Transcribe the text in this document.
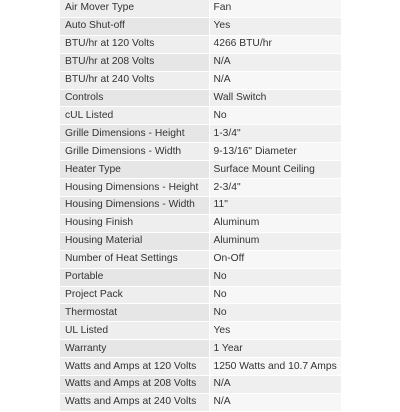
Air Mover Type	Fan
Auto Shut-off	Yes
BTU/hr at 120 Volts	4266 BTU/hr
BTU/hr at 208 Volts	N/A
BTU/hr at 240 Volts	N/A
Controls	Wall Switch
cUL Listed	No
Grille Dimensions - Height	1-3/4"
Grille Dimensions - Width	9-13/16" Diameter
Heater Type	Surface Mount Ceiling
Housing Dimensions - Height	2-3/4"
Housing Dimensions - Width	11"
Housing Finish	Aluminum
Housing Material	Aluminum
Number of Heat Settings	On-Off
Portable	No
Project Pack	No
Thermostat	No
UL Listed	Yes
Warranty	1 Year
Watts and Amps at 120 Volts	1250 Watts and 10.7 Amps
Watts and Amps at 208 Volts	N/A
Watts and Amps at 240 Volts	N/A
